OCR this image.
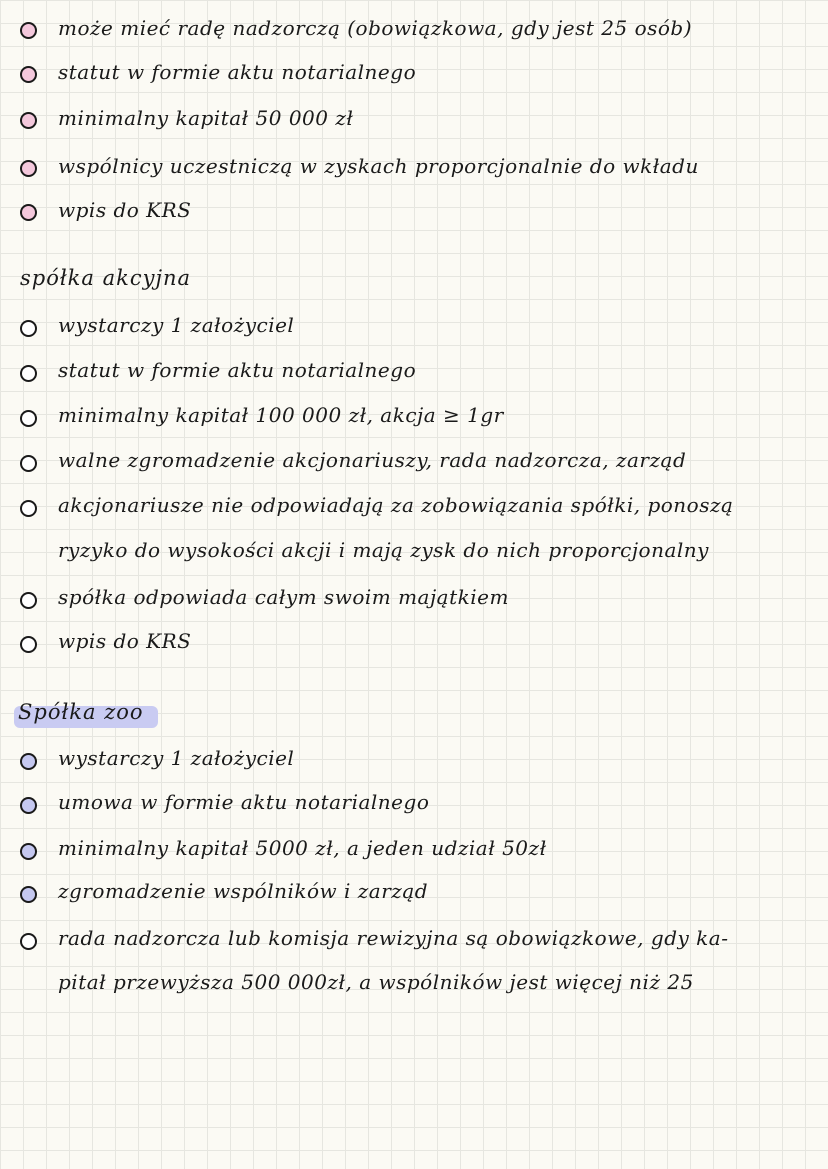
może mieć radę nadzorczą (obowiązkowa, gdy jest 25 osób)
statut w formie aktu notarialnego
minimalny kapitał 50 000 zł
wspólnicy uczestniczą w zyskach proporcjonalnie do wkładu
wpis do KRS
spółka akcyjna
wystarczy 1 założyciel
statut w formie aktu notarialnego
minimalny kapitał 100 000 zł, akcja ≥ 1gr
walne zgromadzenie akcjonariuszy, rada nadzorcza, zarząd
akcjonariusze nie odpowiadają za zobowiązania spółki, ponoszą
ryzyko do wysokości akcji i mają zysk do nich proporcjonalny
spółka odpowiada całym swoim majątkiem
wpis do KRS
Spółka zoo
wystarczy 1 założyciel
umowa w formie aktu notarialnego
minimalny kapitał 5000 zł, a jeden udział 50zł
zgromadzenie wspólników i zarząd
rada nadzorcza lub komisja rewizyjna są obowiązkowe, gdy ka-
pitał przewyższa 500 000zł, a wspólników jest więcej niż 25
